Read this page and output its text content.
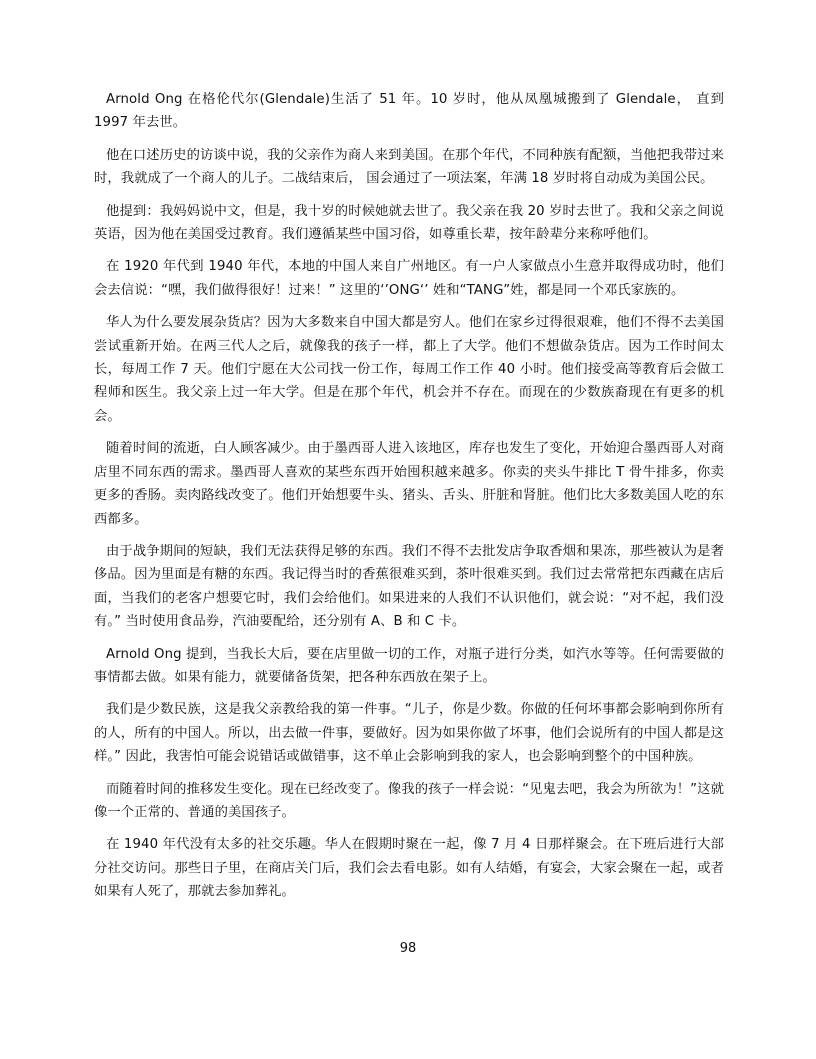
Arnold Ong 在格伦代尔(Glendale)生活了 51 年。10 岁时，他从凤凰城搬到了 Glendale， 直到 1997 年去世。

他在口述历史的访谈中说，我的父亲作为商人来到美国。在那个年代，不同种族有配额，当他把我带过来时，我就成了一个商人的儿子。二战结束后， 国会通过了一项法案，年满 18 岁时将自动成为美国公民。

他提到：我妈妈说中文，但是，我十岁的时候她就去世了。我父亲在我 20 岁时去世了。我和父亲之间说英语，因为他在美国受过教育。我们遵循某些中国习俗，如尊重长辈，按年龄辈分来称呼他们。

在 1920 年代到 1940 年代，本地的中国人来自广州地区。有一户人家做点小生意并取得成功时，他们会去信说：“嘿，我们做得很好！过来！” 这里的‘’ONG‘’ 姓和“TANG”姓，都是同一个邓氏家族的。

华人为什么要发展杂货店？因为大多数来自中国大都是穷人。他们在家乡过得很艰难，他们不得不去美国尝试重新开始。在两三代人之后，就像我的孩子一样，都上了大学。他们不想做杂货店。因为工作时间太长，每周工作 7 天。他们宁愿在大公司找一份工作，每周工作工作 40 小时。他们接受高等教育后会做工程师和医生。我父亲上过一年大学。但是在那个年代，机会并不存在。而现在的少数族裔现在有更多的机会。

随着时间的流逝，白人顾客减少。由于墨西哥人进入该地区，库存也发生了变化，开始迎合墨西哥人对商店里不同东西的需求。墨西哥人喜欢的某些东西开始囤积越来越多。你卖的夹头牛排比 T 骨牛排多，你卖更多的香肠。卖肉路线改变了。他们开始想要牛头、猪头、舌头、肝脏和肾脏。他们比大多数美国人吃的东西都多。

由于战争期间的短缺，我们无法获得足够的东西。我们不得不去批发店争取香烟和果冻，那些被认为是奢侈品。因为里面是有糖的东西。我记得当时的香蕉很难买到，茶叶很难买到。我们过去常常把东西藏在店后面，当我们的老客户想要它时，我们会给他们。如果进来的人我们不认识他们，就会说：“对不起，我们没有。” 当时使用食品券，汽油要配给，还分别有 A、B 和 C 卡。

Arnold Ong 提到，当我长大后，要在店里做一切的工作，对瓶子进行分类，如汽水等等。任何需要做的事情都去做。如果有能力，就要储备货架，把各种东西放在架子上。

我们是少数民族，这是我父亲教给我的第一件事。“儿子，你是少数。你做的任何坏事都会影响到你所有的人，所有的中国人。所以，出去做一件事，要做好。因为如果你做了坏事，他们会说所有的中国人都是这样。” 因此，我害怕可能会说错话或做错事，这不单止会影响到我的家人，也会影响到整个的中国种族。

而随着时间的推移发生变化。现在已经改变了。像我的孩子一样会说：“见鬼去吧，我会为所欲为！”这就像一个正常的、普通的美国孩子。

在 1940 年代没有太多的社交乐趣。华人在假期时聚在一起，像 7 月 4 日那样聚会。在下班后进行大部分社交访问。那些日子里，在商店关门后，我们会去看电影。如有人结婚，有宴会，大家会聚在一起，或者如果有人死了，那就去参加葬礼。

98
